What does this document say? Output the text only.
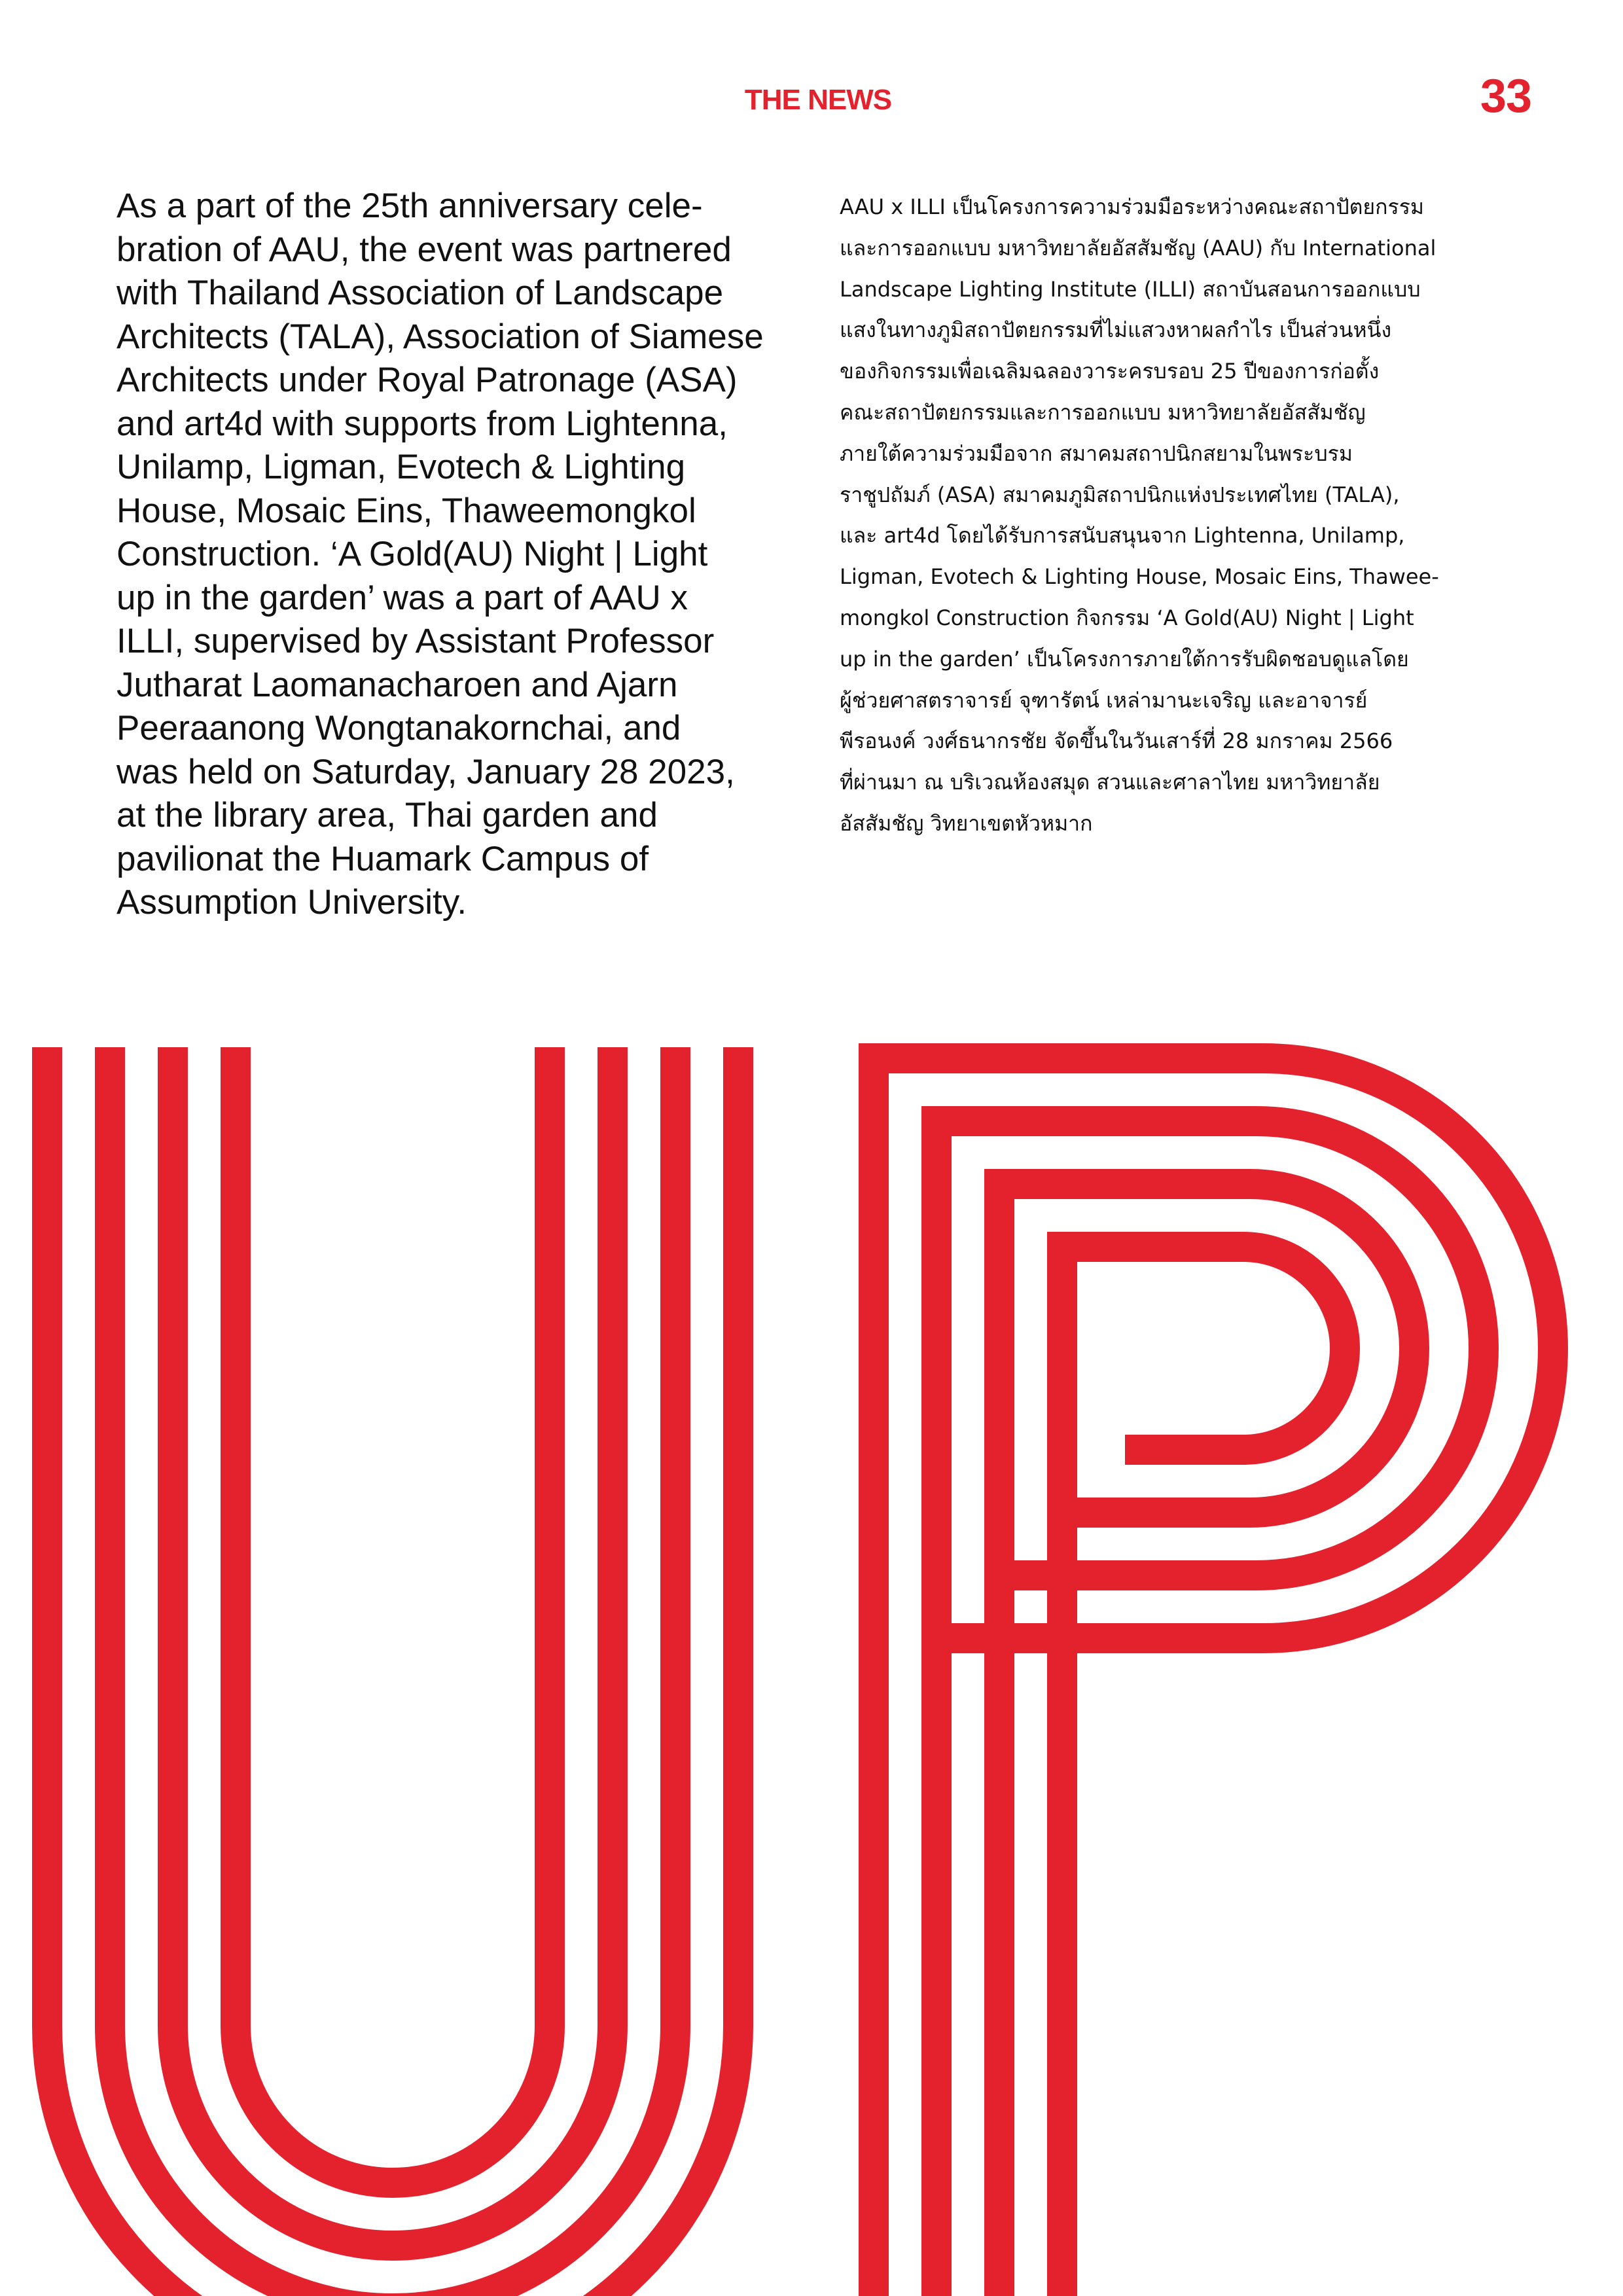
THE NEWS	33
As a part of the 25th anniversary cele-
bration of AAU, the event was partnered
with Thailand Association of Landscape
Architects (TALA), Association of Siamese
Architects under Royal Patronage (ASA)
and art4d with supports from Lightenna,
Unilamp, Ligman, Evotech & Lighting
House, Mosaic Eins, Thaweemongkol
Construction. ‘A Gold(AU) Night | Light
up in the garden’ was a part of AAU x
ILLI, supervised by Assistant Professor
Jutharat Laomanacharoen and Ajarn
Peeraanong Wongtanakornchai, and
was held on Saturday, January 28 2023,
at the library area, Thai garden and
pavilionat the Huamark Campus of
Assumption University.
AAU x ILLI เป็นโครงการความร่วมมือระหว่างคณะสถาปัตยกรรม
และการออกแบบ มหาวิทยาลัยอัสสัมชัญ (AAU) กับ International
Landscape Lighting Institute (ILLI) สถาบันสอนการออกแบบ
แสงในทางภูมิสถาปัตยกรรมที่ไม่แสวงหาผลกำไร เป็นส่วนหนึ่ง
ของกิจกรรมเพื่อเฉลิมฉลองวาระครบรอบ 25 ปีของการก่อตั้ง
คณะสถาปัตยกรรมและการออกแบบ มหาวิทยาลัยอัสสัมชัญ
ภายใต้ความร่วมมือจาก สมาคมสถาปนิกสยามในพระบรม
ราชูปถัมภ์ (ASA) สมาคมภูมิสถาปนิกแห่งประเทศไทย (TALA),
และ art4d โดยได้รับการสนับสนุนจาก Lightenna, Unilamp,
Ligman, Evotech & Lighting House, Mosaic Eins, Thawee-
mongkol Construction กิจกรรม ‘A Gold(AU) Night | Light
up in the garden’ เป็นโครงการภายใต้การรับผิดชอบดูแลโดย
ผู้ช่วยศาสตราจารย์ จุฑารัตน์ เหล่ามานะเจริญ และอาจารย์
พีรอนงค์ วงศ์ธนากรชัย จัดขึ้นในวันเสาร์ที่ 28 มกราคม 2566
ที่ผ่านมา ณ บริเวณห้องสมุด สวนและศาลาไทย มหาวิทยาลัย
อัสสัมชัญ วิทยาเขตหัวหมาก
